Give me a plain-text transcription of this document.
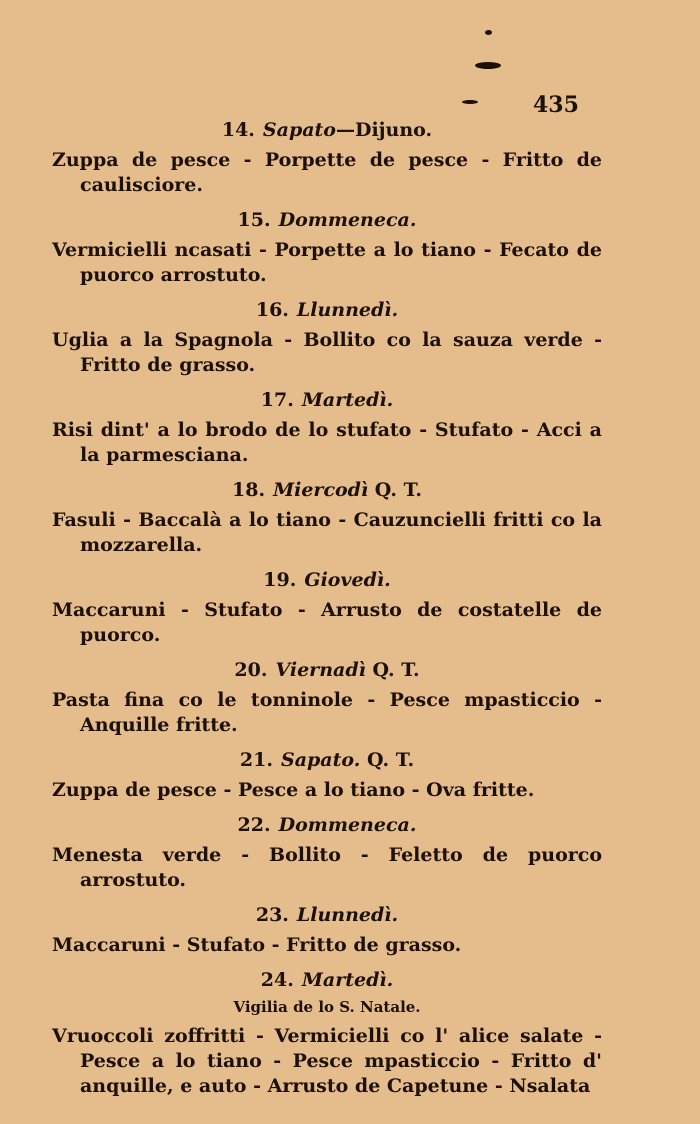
435
14. Sapato—Dijuno.
Zuppa de pesce - Porpette de pesce - Fritto de caulisciore.
15. Dommeneca.
Vermicielli ncasati - Porpette a lo tiano - Fecato de puorco arrostuto.
16. Llunnedì.
Uglia a la Spagnola - Bollito co la sauza verde - Fritto de grasso.
17. Martedì.
Risi dint' a lo brodo de lo stufato - Stufato - Acci a la parmesciana.
18. Miercodì Q. T.
Fasuli - Baccalà a lo tiano - Cauzuncielli fritti co la mozzarella.
19. Giovedì.
Maccaruni - Stufato - Arrusto de costatelle de puorco.
20. Viernadì Q. T.
Pasta fina co le tonninole - Pesce mpasticcio - Anquille fritte.
21. Sapato. Q. T.
Zuppa de pesce - Pesce a lo tiano - Ova fritte.
22. Dommeneca.
Menesta verde - Bollito - Feletto de puorco arrostuto.
23. Llunnedì.
Maccaruni - Stufato - Fritto de grasso.
24. Martedì.
Vigilia de lo S. Natale.
Vruoccoli zoffritti - Vermicielli co l' alice salate - Pesce a lo tiano - Pesce mpasticcio - Fritto d' anquille, e auto - Arrusto de Capetune - Nsalata
